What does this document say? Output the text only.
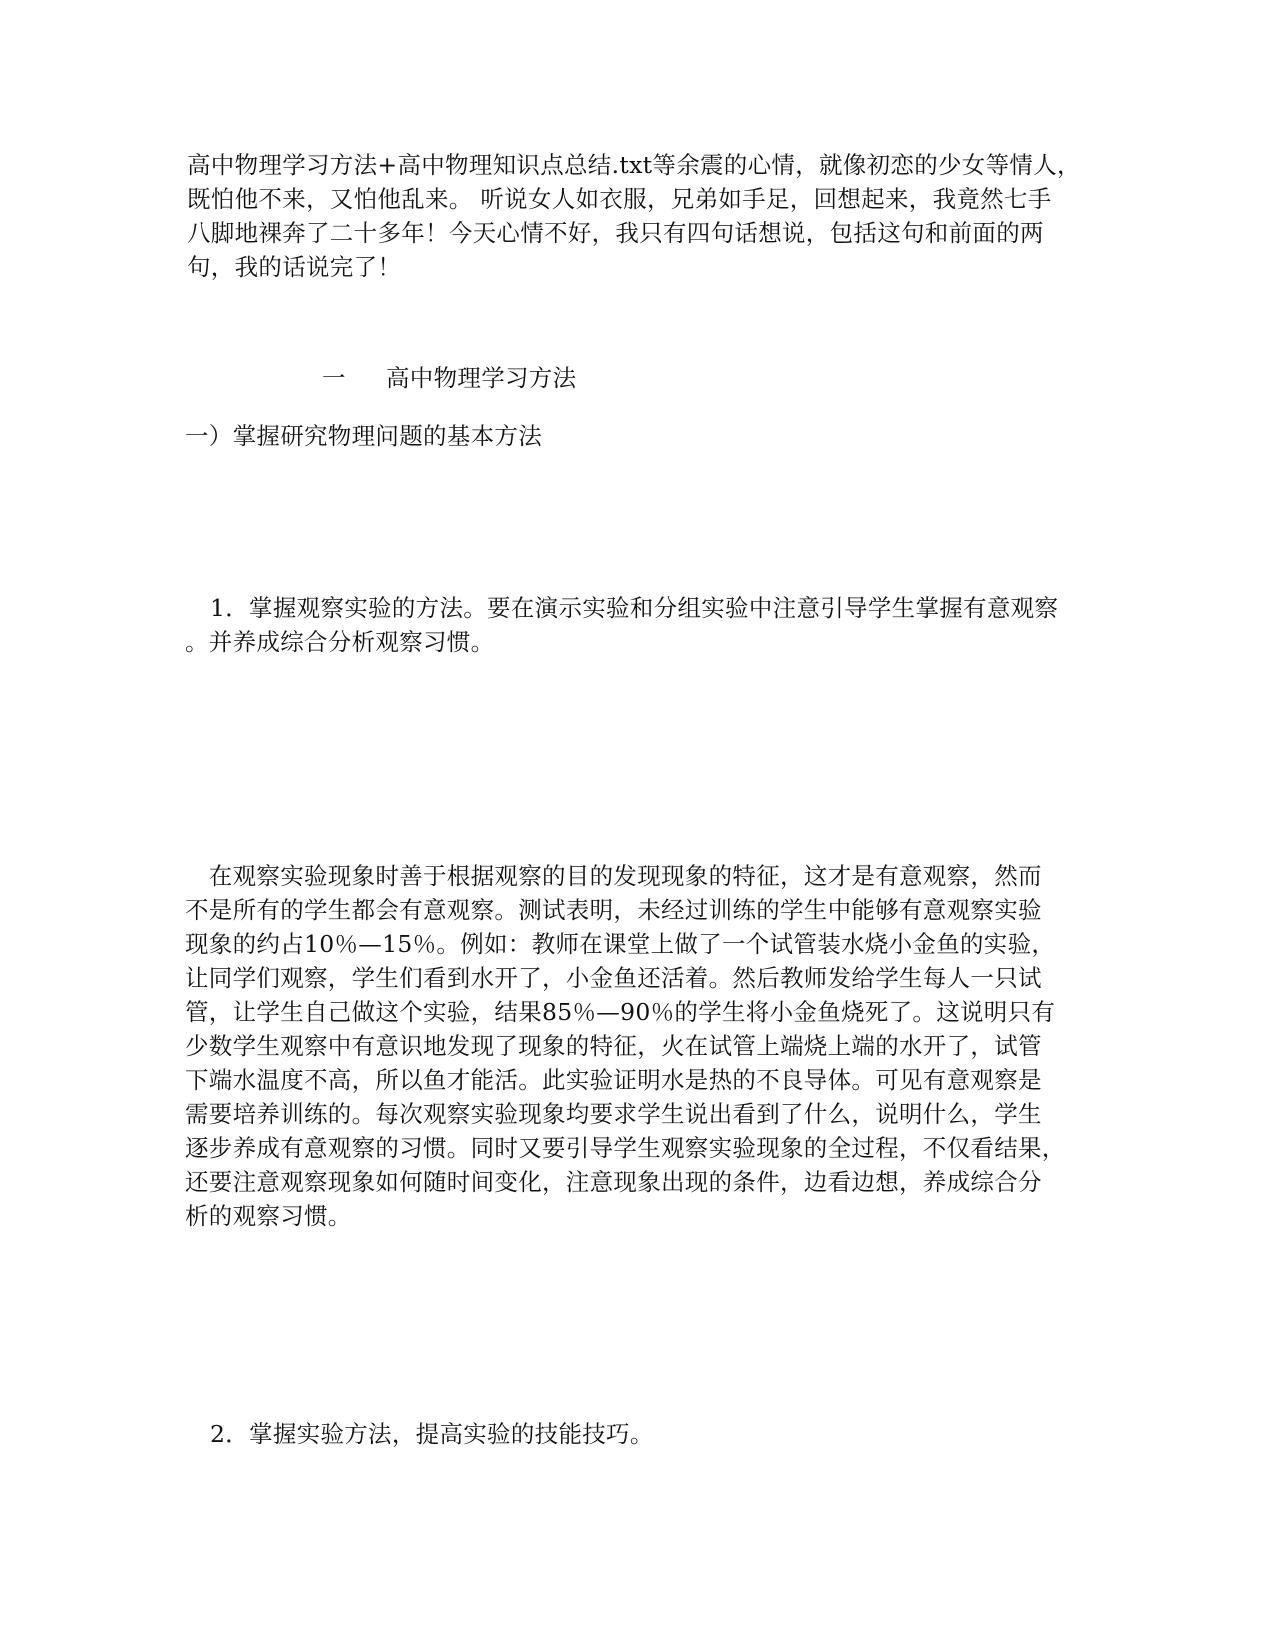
高中物理学习方法+高中物理知识点总结.txt等余震的心情，就像初恋的少女等情人，
既怕他不来，又怕他乱来。 听说女人如衣服，兄弟如手足，回想起来，我竟然七手
八脚地裸奔了二十多年！今天心情不好，我只有四句话想说，包括这句和前面的两
句，我的话说完了！
一 高中物理学习方法
一）掌握研究物理问题的基本方法
1．掌握观察实验的方法。要在演示实验和分组实验中注意引导学生掌握有意观察
。并养成综合分析观察习惯。
　在观察实验现象时善于根据观察的目的发现现象的特征，这才是有意观察，然而
不是所有的学生都会有意观察。测试表明，未经过训练的学生中能够有意观察实验
现象的约占10％—15％。例如：教师在课堂上做了一个试管装水烧小金鱼的实验，
让同学们观察，学生们看到水开了，小金鱼还活着。然后教师发给学生每人一只试
管，让学生自己做这个实验，结果85％—90％的学生将小金鱼烧死了。这说明只有
少数学生观察中有意识地发现了现象的特征，火在试管上端烧上端的水开了，试管
下端水温度不高，所以鱼才能活。此实验证明水是热的不良导体。可见有意观察是
需要培养训练的。每次观察实验现象均要求学生说出看到了什么，说明什么，学生
逐步养成有意观察的习惯。同时又要引导学生观察实验现象的全过程，不仅看结果，
还要注意观察现象如何随时间变化，注意现象出现的条件，边看边想，养成综合分
析的观察习惯。
2．掌握实验方法，提高实验的技能技巧。
